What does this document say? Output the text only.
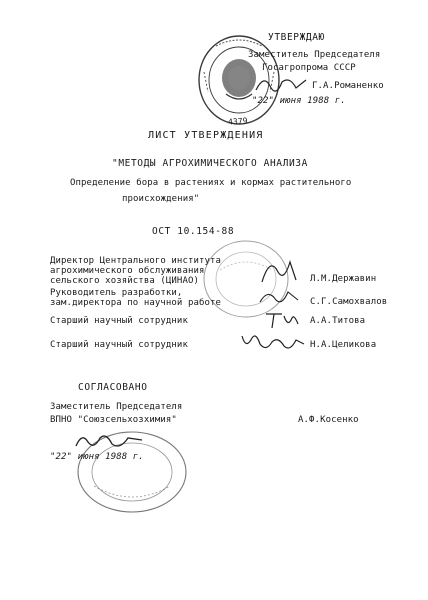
4379
УТВЕРЖДАЮ
Заместитель Председателя
Госагропрома СССР
Г.А.Романенко
"22" июня 1988 г.
ЛИСТ УТВЕРЖДЕНИЯ
"МЕТОДЫ АГРОХИМИЧЕСКОГО АНАЛИЗА
Определение бора в растениях и кормах растительного
происхождения"
ОСТ 10.154-88
Директор Центрального института
агрохимического обслуживания
сельского хозяйства (ЦИНАО)	Л.М.Державин
Руководитель разработки,
зам.директора по научной работе	С.Г.Самохвалов
Старший научный сотрудник	А.А.Титова
Старший научный сотрудник	Н.А.Целикова
СОГЛАСОВАНО
Заместитель Председателя
ВПНО "Союзсельхозхимия"	А.Ф.Косенко
"22" июня 1988 г.
